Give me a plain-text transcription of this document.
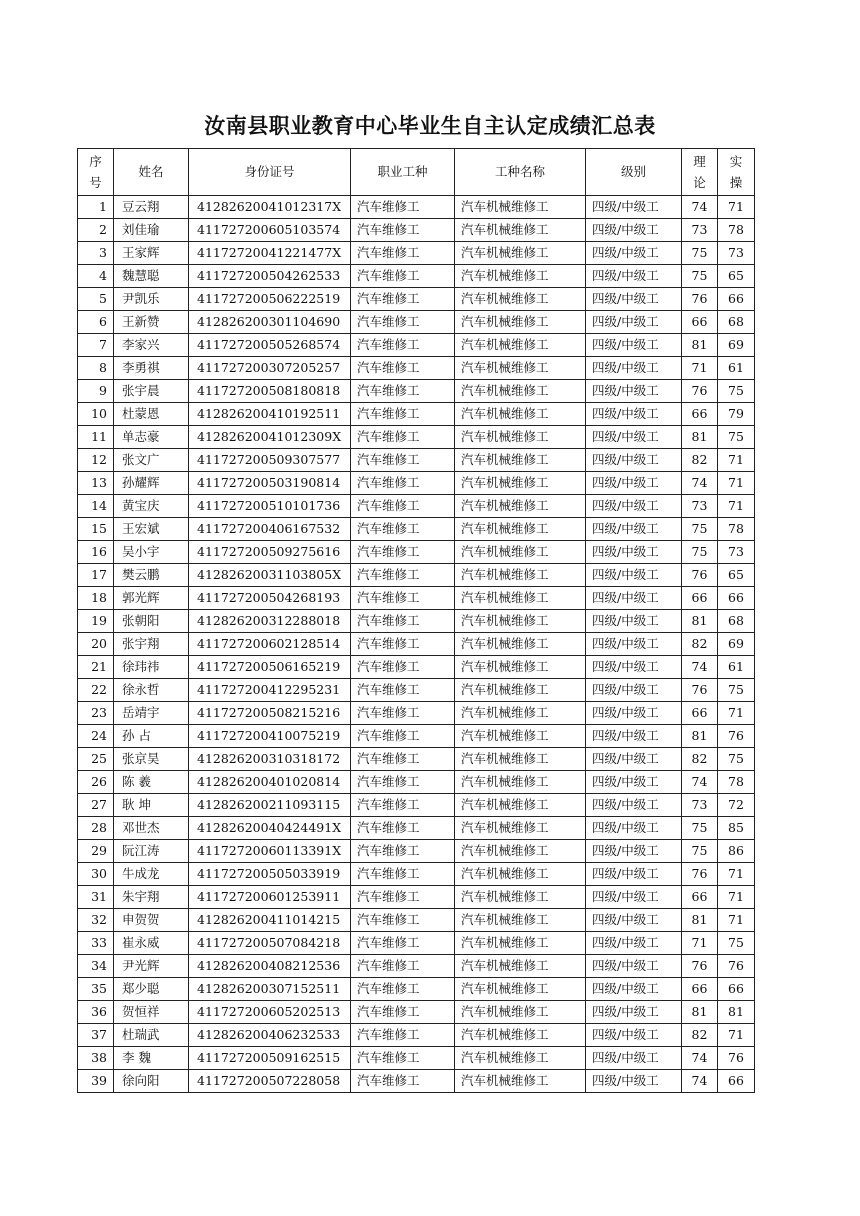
汝南县职业教育中心毕业生自主认定成绩汇总表
序号	姓名	身份证号	职业工种	工种名称	级别	理论	实操

1	豆云翔	41282620041012317X	汽车维修工	汽车机械维修工	四级/中级工	74	71
2	刘佳瑜	411727200605103574	汽车维修工	汽车机械维修工	四级/中级工	73	78
3	王家辉	41172720041221477X	汽车维修工	汽车机械维修工	四级/中级工	75	73
4	魏慧聪	411727200504262533	汽车维修工	汽车机械维修工	四级/中级工	75	65
5	尹凯乐	411727200506222519	汽车维修工	汽车机械维修工	四级/中级工	76	66
6	王新赞	412826200301104690	汽车维修工	汽车机械维修工	四级/中级工	66	68
7	李家兴	411727200505268574	汽车维修工	汽车机械维修工	四级/中级工	81	69
8	李勇祺	411727200307205257	汽车维修工	汽车机械维修工	四级/中级工	71	61
9	张宇晨	411727200508180818	汽车维修工	汽车机械维修工	四级/中级工	76	75
10	杜蒙恩	412826200410192511	汽车维修工	汽车机械维修工	四级/中级工	66	79
11	单志豪	41282620041012309X	汽车维修工	汽车机械维修工	四级/中级工	81	75
12	张文广	411727200509307577	汽车维修工	汽车机械维修工	四级/中级工	82	71
13	孙耀辉	411727200503190814	汽车维修工	汽车机械维修工	四级/中级工	74	71
14	黄宝庆	411727200510101736	汽车维修工	汽车机械维修工	四级/中级工	73	71
15	王宏斌	411727200406167532	汽车维修工	汽车机械维修工	四级/中级工	75	78
16	吴小宇	411727200509275616	汽车维修工	汽车机械维修工	四级/中级工	75	73
17	樊云鹏	41282620031103805X	汽车维修工	汽车机械维修工	四级/中级工	76	65
18	郭光辉	411727200504268193	汽车维修工	汽车机械维修工	四级/中级工	66	66
19	张朝阳	412826200312288018	汽车维修工	汽车机械维修工	四级/中级工	81	68
20	张宇翔	411727200602128514	汽车维修工	汽车机械维修工	四级/中级工	82	69
21	徐玮祎	411727200506165219	汽车维修工	汽车机械维修工	四级/中级工	74	61
22	徐永哲	411727200412295231	汽车维修工	汽车机械维修工	四级/中级工	76	75
23	岳靖宇	411727200508215216	汽车维修工	汽车机械维修工	四级/中级工	66	71
24	孙 占	411727200410075219	汽车维修工	汽车机械维修工	四级/中级工	81	76
25	张京昊	412826200310318172	汽车维修工	汽车机械维修工	四级/中级工	82	75
26	陈 羲	412826200401020814	汽车维修工	汽车机械维修工	四级/中级工	74	78
27	耿 坤	412826200211093115	汽车维修工	汽车机械维修工	四级/中级工	73	72
28	邓世杰	41282620040424491X	汽车维修工	汽车机械维修工	四级/中级工	75	85
29	阮江涛	41172720060113391X	汽车维修工	汽车机械维修工	四级/中级工	75	86
30	牛成龙	411727200505033919	汽车维修工	汽车机械维修工	四级/中级工	76	71
31	朱宇翔	411727200601253911	汽车维修工	汽车机械维修工	四级/中级工	66	71
32	申贺贺	412826200411014215	汽车维修工	汽车机械维修工	四级/中级工	81	71
33	崔永威	411727200507084218	汽车维修工	汽车机械维修工	四级/中级工	71	75
34	尹光辉	412826200408212536	汽车维修工	汽车机械维修工	四级/中级工	76	76
35	郑少聪	412826200307152511	汽车维修工	汽车机械维修工	四级/中级工	66	66
36	贺恒祥	411727200605202513	汽车维修工	汽车机械维修工	四级/中级工	81	81
37	杜瑞武	412826200406232533	汽车维修工	汽车机械维修工	四级/中级工	82	71
38	李 魏	411727200509162515	汽车维修工	汽车机械维修工	四级/中级工	74	76
39	徐向阳	411727200507228058	汽车维修工	汽车机械维修工	四级/中级工	74	66
